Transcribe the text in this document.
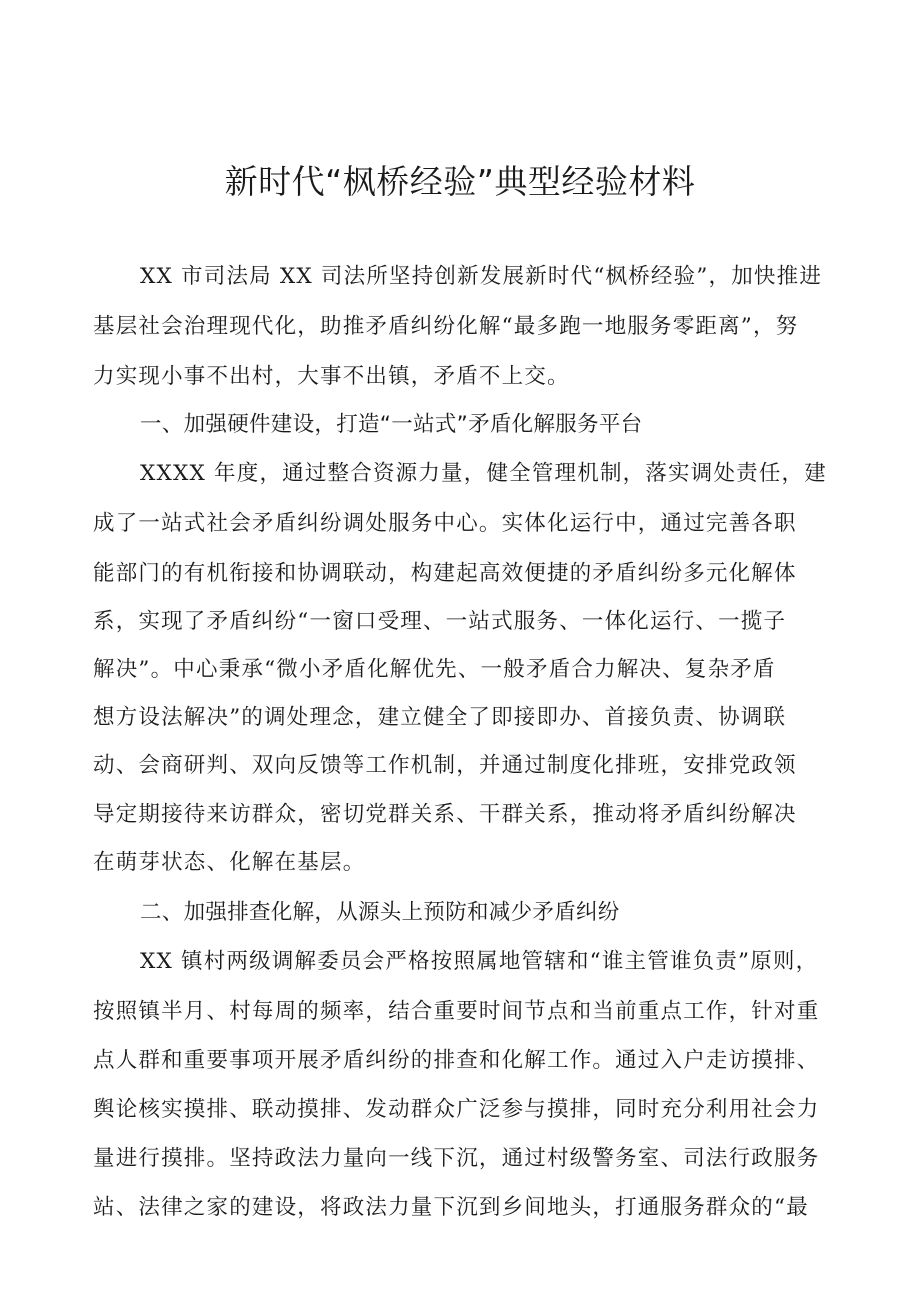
新时代“枫桥经验”典型经验材料
XX 市司法局 XX 司法所坚持创新发展新时代“枫桥经验”，加快推进
基层社会治理现代化，助推矛盾纠纷化解“最多跑一地服务零距离”，努
力实现小事不出村，大事不出镇，矛盾不上交。
一、加强硬件建设，打造“一站式”矛盾化解服务平台
XXXX 年度，通过整合资源力量，健全管理机制，落实调处责任，建
成了一站式社会矛盾纠纷调处服务中心。实体化运行中，通过完善各职
能部门的有机衔接和协调联动，构建起高效便捷的矛盾纠纷多元化解体
系，实现了矛盾纠纷“一窗口受理、一站式服务、一体化运行、一揽子
解决”。中心秉承“微小矛盾化解优先、一般矛盾合力解决、复杂矛盾
想方设法解决”的调处理念，建立健全了即接即办、首接负责、协调联
动、会商研判、双向反馈等工作机制，并通过制度化排班，安排党政领
导定期接待来访群众，密切党群关系、干群关系，推动将矛盾纠纷解决
在萌芽状态、化解在基层。
二、加强排查化解，从源头上预防和减少矛盾纠纷
XX 镇村两级调解委员会严格按照属地管辖和“谁主管谁负责”原则，
按照镇半月、村每周的频率，结合重要时间节点和当前重点工作，针对重
点人群和重要事项开展矛盾纠纷的排查和化解工作。通过入户走访摸排、
舆论核实摸排、联动摸排、发动群众广泛参与摸排，同时充分利用社会力
量进行摸排。坚持政法力量向一线下沉，通过村级警务室、司法行政服务
站、法律之家的建设，将政法力量下沉到乡间地头，打通服务群众的“最
